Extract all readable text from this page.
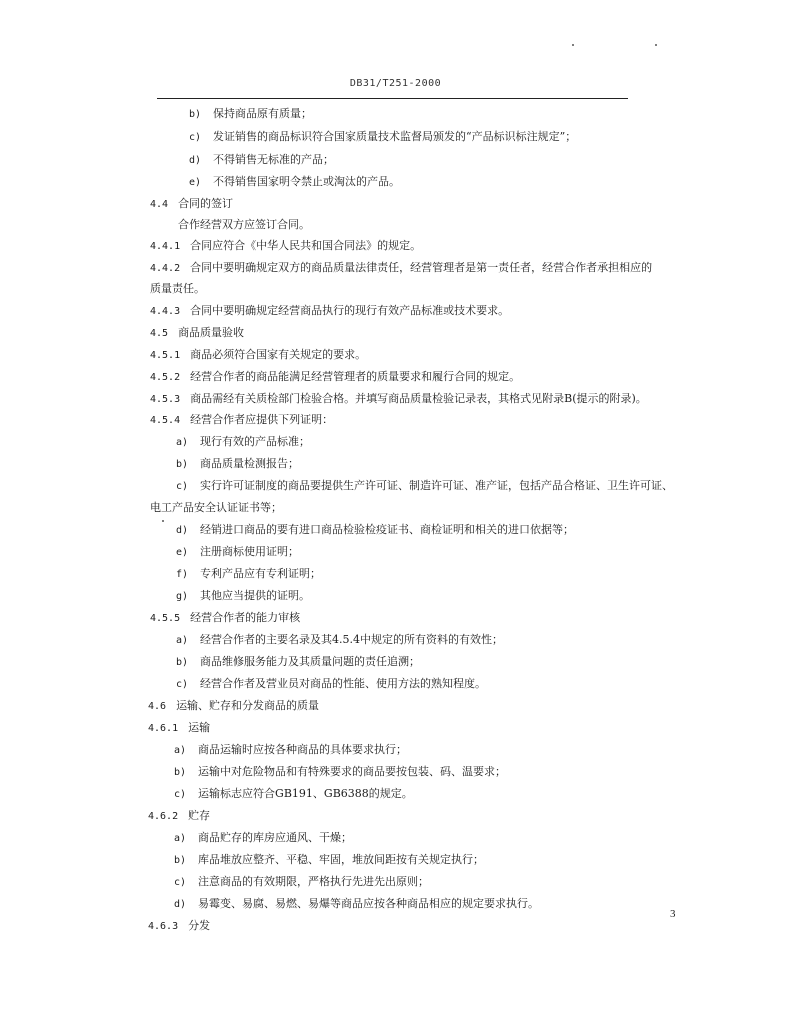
DB31/T251-2000
b) 保持商品原有质量；
c) 发证销售的商品标识符合国家质量技术监督局颁发的“产品标识标注规定”；
d) 不得销售无标准的产品；
e) 不得销售国家明令禁止或淘汰的产品。
4.4 合同的签订
合作经营双方应签订合同。
4.4.1 合同应符合《中华人民共和国合同法》的规定。
4.4.2 合同中要明确规定双方的商品质量法律责任，经营管理者是第一责任者，经营合作者承担相应的
质量责任。
4.4.3 合同中要明确规定经营商品执行的现行有效产品标准或技术要求。
4.5 商品质量验收
4.5.1 商品必须符合国家有关规定的要求。
4.5.2 经营合作者的商品能满足经营管理者的质量要求和履行合同的规定。
4.5.3 商品需经有关质检部门检验合格。并填写商品质量检验记录表，其格式见附录B(提示的附录)。
4.5.4 经营合作者应提供下列证明：
a) 现行有效的产品标准；
b) 商品质量检测报告；
c) 实行许可证制度的商品要提供生产许可证、制造许可证、准产证，包括产品合格证、卫生许可证、
电工产品安全认证证书等；
d) 经销进口商品的要有进口商品检验检疫证书、商检证明和相关的进口依据等；
e) 注册商标使用证明；
f) 专利产品应有专利证明；
g) 其他应当提供的证明。
4.5.5 经营合作者的能力审核
a) 经营合作者的主要名录及其4.5.4中规定的所有资料的有效性；
b) 商品维修服务能力及其质量问题的责任追溯；
c) 经营合作者及营业员对商品的性能、使用方法的熟知程度。
4.6 运输、贮存和分发商品的质量
4.6.1 运输
a) 商品运输时应按各种商品的具体要求执行；
b) 运输中对危险物品和有特殊要求的商品要按包装、码、温要求；
c) 运输标志应符合GB191、GB6388的规定。
4.6.2 贮存
a) 商品贮存的库房应通风、干燥；
b) 库品堆放应整齐、平稳、牢固，堆放间距按有关规定执行；
c) 注意商品的有效期限，严格执行先进先出原则；
d) 易霉变、易腐、易燃、易爆等商品应按各种商品相应的规定要求执行。
4.6.3 分发
3
